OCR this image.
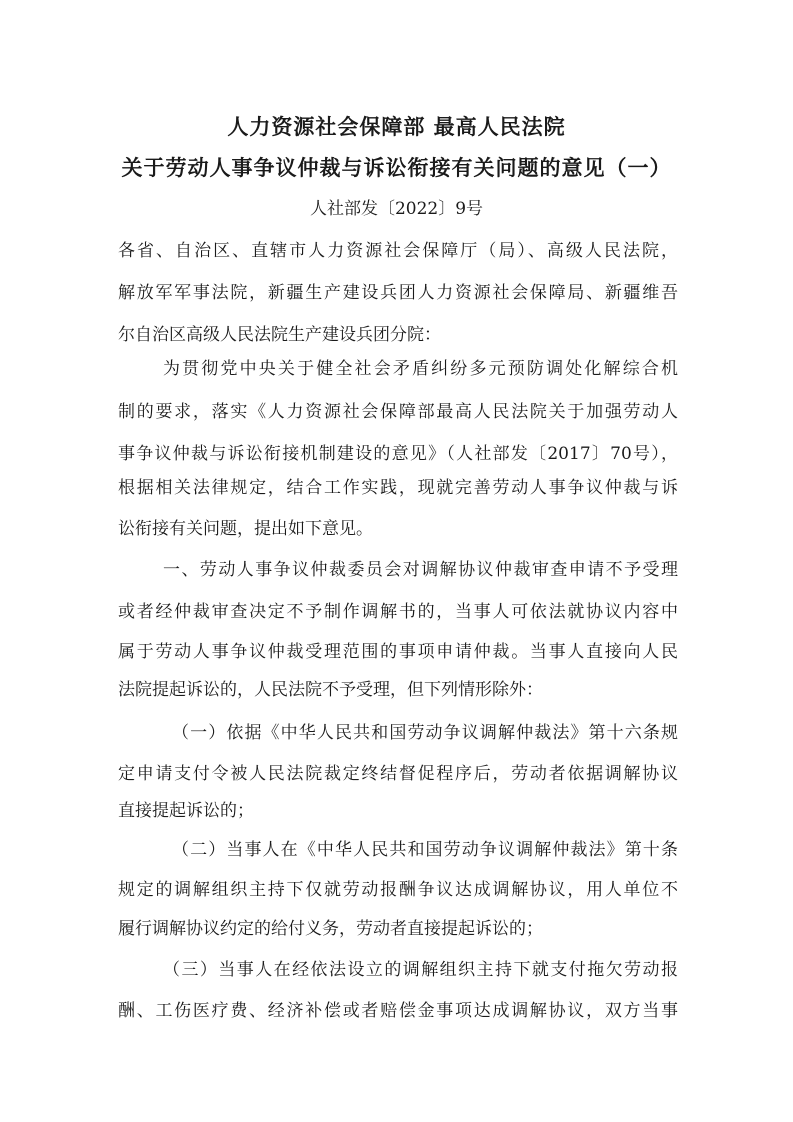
人力资源社会保障部 最高人民法院
关于劳动人事争议仲裁与诉讼衔接有关问题的意见（一）
人社部发〔2022〕9号
各省、自治区、直辖市人力资源社会保障厅（局）、高级人民法院，
解放军军事法院，新疆生产建设兵团人力资源社会保障局、新疆维吾
尔自治区高级人民法院生产建设兵团分院：
为贯彻党中央关于健全社会矛盾纠纷多元预防调处化解综合机
制的要求，落实《人力资源社会保障部最高人民法院关于加强劳动人
事争议仲裁与诉讼衔接机制建设的意见》（人社部发〔2017〕70号），
根据相关法律规定，结合工作实践，现就完善劳动人事争议仲裁与诉
讼衔接有关问题，提出如下意见。
一、劳动人事争议仲裁委员会对调解协议仲裁审查申请不予受理
或者经仲裁审查决定不予制作调解书的，当事人可依法就协议内容中
属于劳动人事争议仲裁受理范围的事项申请仲裁。当事人直接向人民
法院提起诉讼的，人民法院不予受理，但下列情形除外：
（一）依据《中华人民共和国劳动争议调解仲裁法》第十六条规
定申请支付令被人民法院裁定终结督促程序后，劳动者依据调解协议
直接提起诉讼的；
（二）当事人在《中华人民共和国劳动争议调解仲裁法》第十条
规定的调解组织主持下仅就劳动报酬争议达成调解协议，用人单位不
履行调解协议约定的给付义务，劳动者直接提起诉讼的；
（三）当事人在经依法设立的调解组织主持下就支付拖欠劳动报
酬、工伤医疗费、经济补偿或者赔偿金事项达成调解协议，双方当事
